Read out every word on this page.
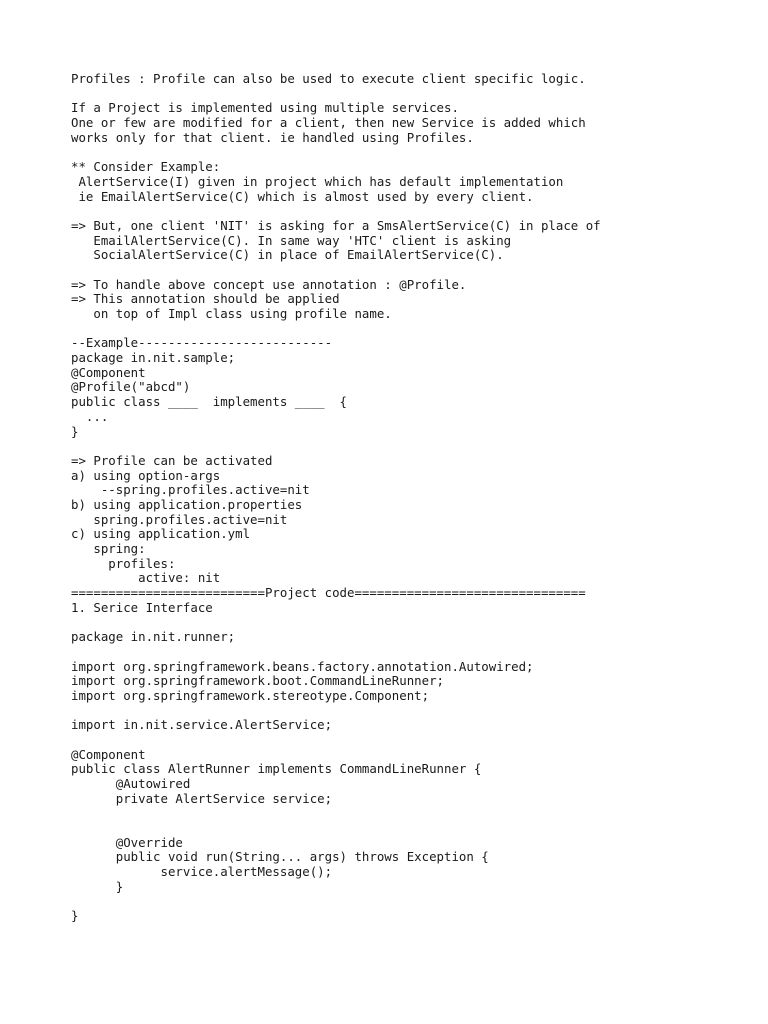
Profiles : Profile can also be used to execute client specific logic.
If a Project is implemented using multiple services.
One or few are modified for a client, then new Service is added which
works only for that client. ie handled using Profiles.
** Consider Example:
AlertService(I) given in project which has default implementation
ie EmailAlertService(C) which is almost used by every client.
=> But, one client 'NIT' is asking for a SmsAlertService(C) in place of
EmailAlertService(C). In same way 'HTC' client is asking
SocialAlertService(C) in place of EmailAlertService(C).
=> To handle above concept use annotation : @Profile.
=> This annotation should be applied
on top of Impl class using profile name.
--Example--------------------------
package in.nit.sample;
@Component
@Profile("abcd")
public class ____  implements ____  {
...
}
=> Profile can be activated
a) using option-args
--spring.profiles.active=nit
b) using application.properties
spring.profiles.active=nit
c) using application.yml
spring:
profiles:
active: nit
==========================Project code===============================
1. Serice Interface
package in.nit.runner;
import org.springframework.beans.factory.annotation.Autowired;
import org.springframework.boot.CommandLineRunner;
import org.springframework.stereotype.Component;
import in.nit.service.AlertService;
@Component
public class AlertRunner implements CommandLineRunner {
@Autowired
private AlertService service;
@Override
public void run(String... args) throws Exception {
service.alertMessage();
}
}
